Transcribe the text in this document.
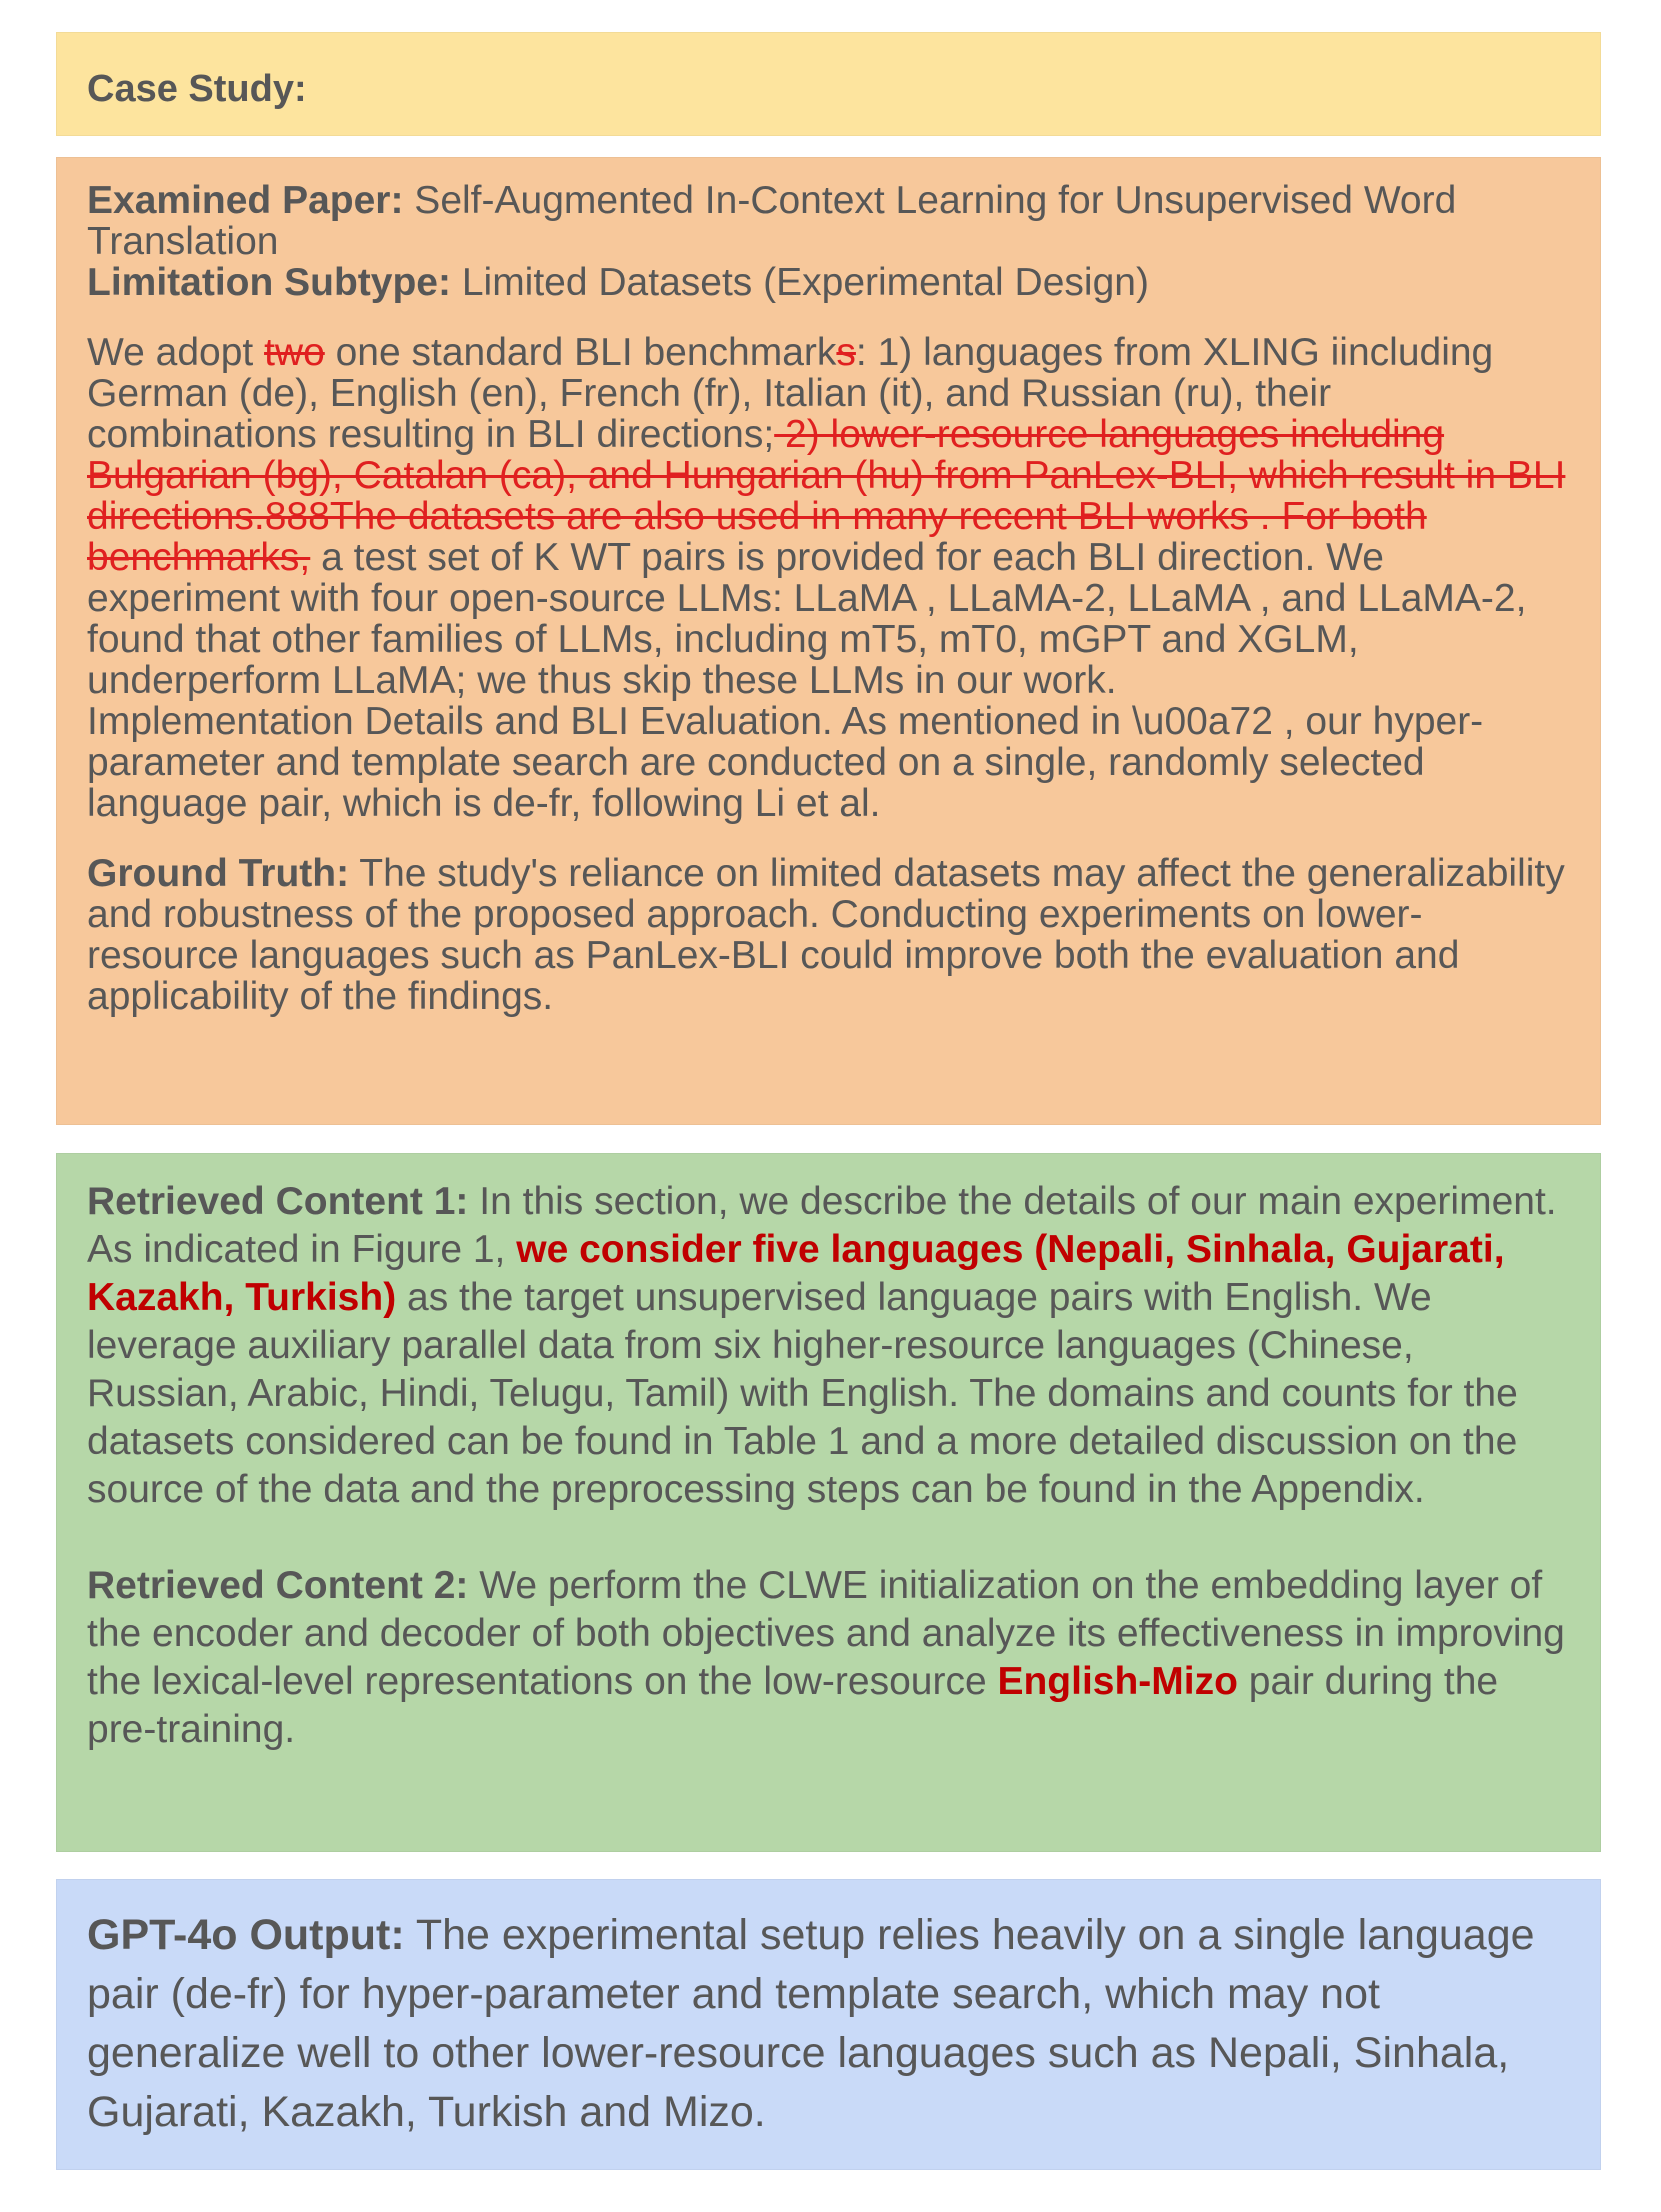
Case Study:

Examined Paper: Self-Augmented In-Context Learning for Unsupervised Word Translation

Limitation Subtype: Limited Datasets (Experimental Design)

We adopt two one standard BLI benchmarks: 1) languages from XLING iincluding German (de), English (en), French (fr), Italian (it), and Russian (ru), their combinations resulting in BLI directions; 2) lower-resource languages including Bulgarian (bg), Catalan (ca), and Hungarian (hu) from PanLex-BLI, which result in BLI directions.888The datasets are also used in many recent BLI works . For both benchmarks, a test set of K WT pairs is provided for each BLI direction. We experiment with four open-source LLMs: LLaMA , LLaMA-2, LLaMA , and LLaMA-2, found that other families of LLMs, including mT5, mT0, mGPT and XGLM, underperform LLaMA; we thus skip these LLMs in our work.

Implementation Details and BLI Evaluation. As mentioned in \u00a72 , our hyper-parameter and template search are conducted on a single, randomly selected language pair, which is de-fr, following Li et al.

Ground Truth: The study's reliance on limited datasets may affect the generalizability and robustness of the proposed approach. Conducting experiments on lower-resource languages such as PanLex-BLI could improve both the evaluation and applicability of the findings.

Retrieved Content 1: In this section, we describe the details of our main experiment. As indicated in Figure 1, we consider five languages (Nepali, Sinhala, Gujarati, Kazakh, Turkish) as the target unsupervised language pairs with English. We leverage auxiliary parallel data from six higher-resource languages (Chinese, Russian, Arabic, Hindi, Telugu, Tamil) with English. The domains and counts for the datasets considered can be found in Table 1 and a more detailed discussion on the source of the data and the preprocessing steps can be found in the Appendix.

Retrieved Content 2: We perform the CLWE initialization on the embedding layer of the encoder and decoder of both objectives and analyze its effectiveness in improving the lexical-level representations on the low-resource English-Mizo pair during the pre-training.

GPT-4o Output: The experimental setup relies heavily on a single language pair (de-fr) for hyper-parameter and template search, which may not generalize well to other lower-resource languages such as Nepali, Sinhala, Gujarati, Kazakh, Turkish and Mizo.
